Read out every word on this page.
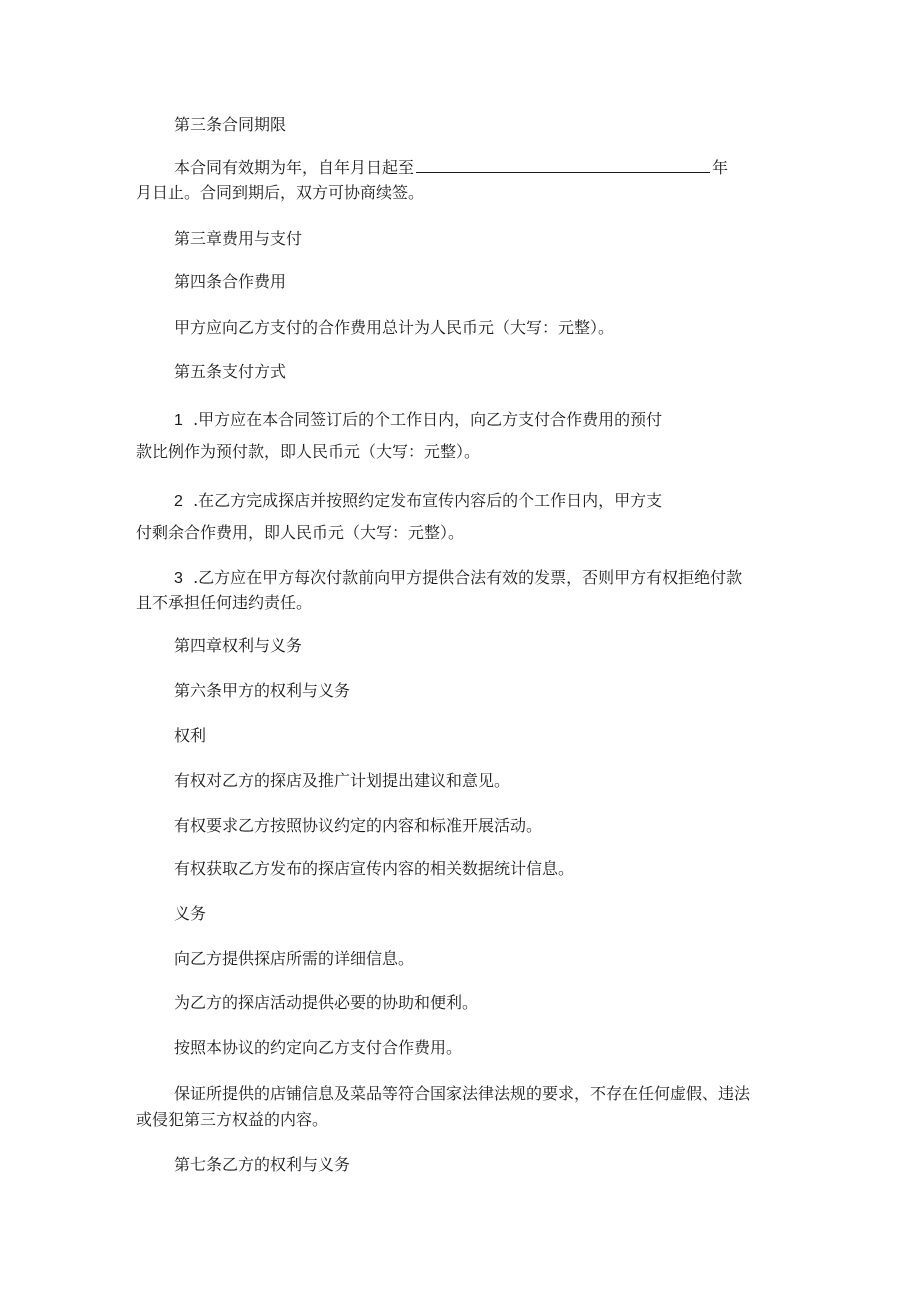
第三条合同期限
本合同有效期为年，自年月日起至	年
月日止。合同到期后，双方可协商续签。
第三章费用与支付
第四条合作费用
甲方应向乙方支付的合作费用总计为人民币元（大写：元整）。
第五条支付方式
1 .甲方应在本合同签订后的个工作日内，向乙方支付合作费用的预付
款比例作为预付款，即人民币元（大写：元整）。
2 .在乙方完成探店并按照约定发布宣传内容后的个工作日内，甲方支
付剩余合作费用，即人民币元（大写：元整）。
3 .乙方应在甲方每次付款前向甲方提供合法有效的发票，否则甲方有权拒绝付款
且不承担任何违约责任。
第四章权利与义务
第六条甲方的权利与义务
权利
有权对乙方的探店及推广计划提出建议和意见。
有权要求乙方按照协议约定的内容和标准开展活动。
有权获取乙方发布的探店宣传内容的相关数据统计信息。
义务
向乙方提供探店所需的详细信息。
为乙方的探店活动提供必要的协助和便利。
按照本协议的约定向乙方支付合作费用。
保证所提供的店铺信息及菜品等符合国家法律法规的要求，不存在任何虚假、违法
或侵犯第三方权益的内容。
第七条乙方的权利与义务
